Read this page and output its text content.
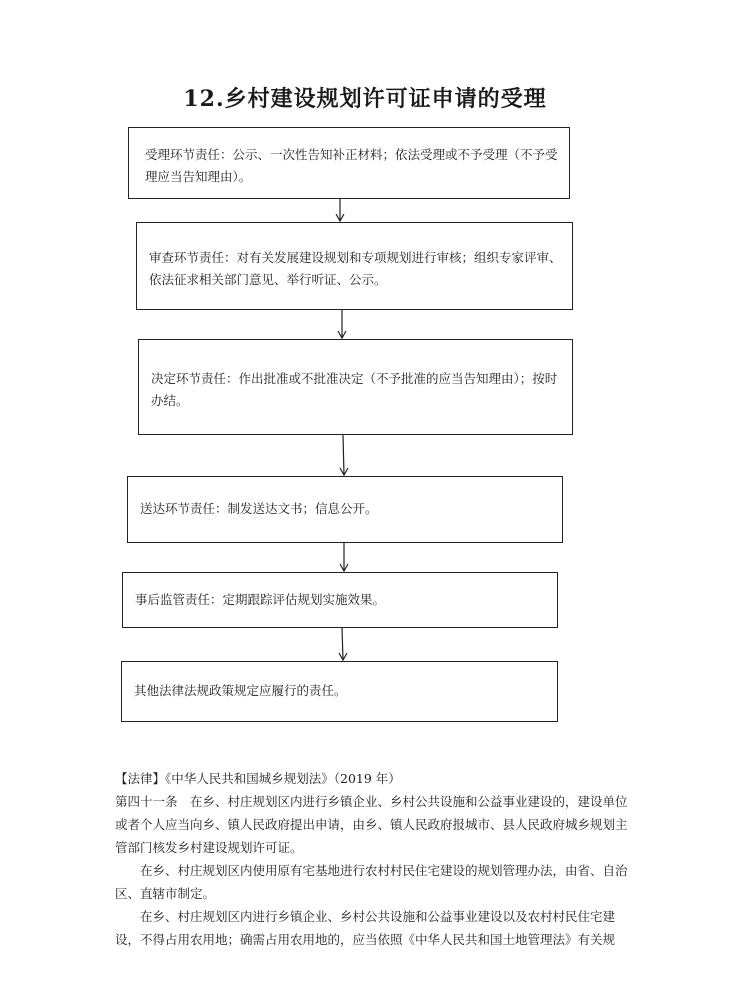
12.乡村建设规划许可证申请的受理
受理环节责任：公示、一次性告知补正材料；依法受理或不予受理（不予受理应当告知理由）。
审查环节责任：对有关发展建设规划和专项规划进行审核；组织专家评审、依法征求相关部门意见、举行听证、公示。
决定环节责任：作出批准或不批准决定（不予批准的应当告知理由）；按时办结。
送达环节责任：制发送达文书；信息公开。
事后监管责任：定期跟踪评估规划实施效果。
其他法律法规政策规定应履行的责任。

【法律】《中华人民共和国城乡规划法》（2019 年）

第四十一条　在乡、村庄规划区内进行乡镇企业、乡村公共设施和公益事业建设的，建设单位或者个人应当向乡、镇人民政府提出申请，由乡、镇人民政府报城市、县人民政府城乡规划主管部门核发乡村建设规划许可证。

在乡、村庄规划区内使用原有宅基地进行农村村民住宅建设的规划管理办法，由省、自治区、直辖市制定。

在乡、村庄规划区内进行乡镇企业、乡村公共设施和公益事业建设以及农村村民住宅建设，不得占用农用地；确需占用农用地的，应当依照《中华人民共和国土地管理法》有关规
